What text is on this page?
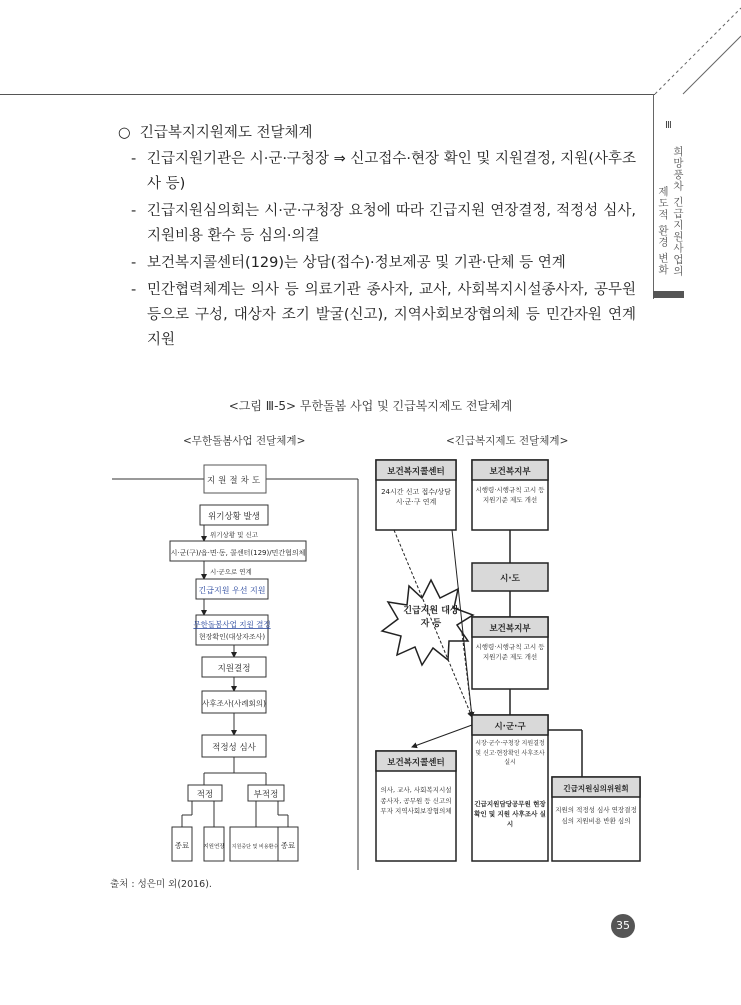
Ⅲ
희망풍차 긴급지원사업의
제도적 환경 변화
○ 긴급복지지원제도 전달체계
- 긴급지원기관은 시·군·구청장 ⇒ 신고접수·현장 확인 및 지원결정, 지원(사후조사 등)
- 긴급지원심의회는 시·군·구청장 요청에 따라 긴급지원 연장결정, 적정성 심사, 지원비용 환수 등 심의·의결
- 보건복지콜센터(129)는 상담(접수)·정보제공 및 기관·단체 등 연계
- 민간협력체계는 의사 등 의료기관 종사자, 교사, 사회복지시설종사자, 공무원 등으로 구성, 대상자 조기 발굴(신고), 지역사회보장협의체 등 민간자원 연계지원
<그림 Ⅲ-5> 무한돌봄 사업 및 긴급복지제도 전달체계
<무한돌봄사업 전달체계>	<긴급복지제도 전달체계>
지원절차도
위기상황 발생
위기상황 및 신고
시·군(구)/읍·면·동, 콜센터(129)/민간협의체
시·군으로 연계
긴급지원 우선 지원
무한돌봄사업 지원 결정
현장확인(대상자조사)
지원결정
사후조사(사례회의)
적정성 심사
적정	부적정
종료	지원연장 지원중단 및 비용환수 종료
보건복지콜센터
24시간 신고 접수/상담 시·군·구 연계
보건복지부
시행령·시행규칙 고시 등 지원기준 제도 개선
시·도
보건복지부
시행령·시행규칙 고시 등 지원기준 제도 개선
긴급지원 대상자 등
시·군·구
시장·군수·구청장 지원결정 및 신고·현장확인 사후조사 실시
긴급지원담당공무원 현장확인 및 지원 사후조사 실시
보건복지콜센터
의사, 교사, 사회복지시설 종사자, 공무원 등 신고의무자 지역사회보장협의체
긴급지원심의위원회
지원의 적정성 심사 연장결정 심의 지원비용 반환 심의
출처 : 성은미 외(2016).
35
